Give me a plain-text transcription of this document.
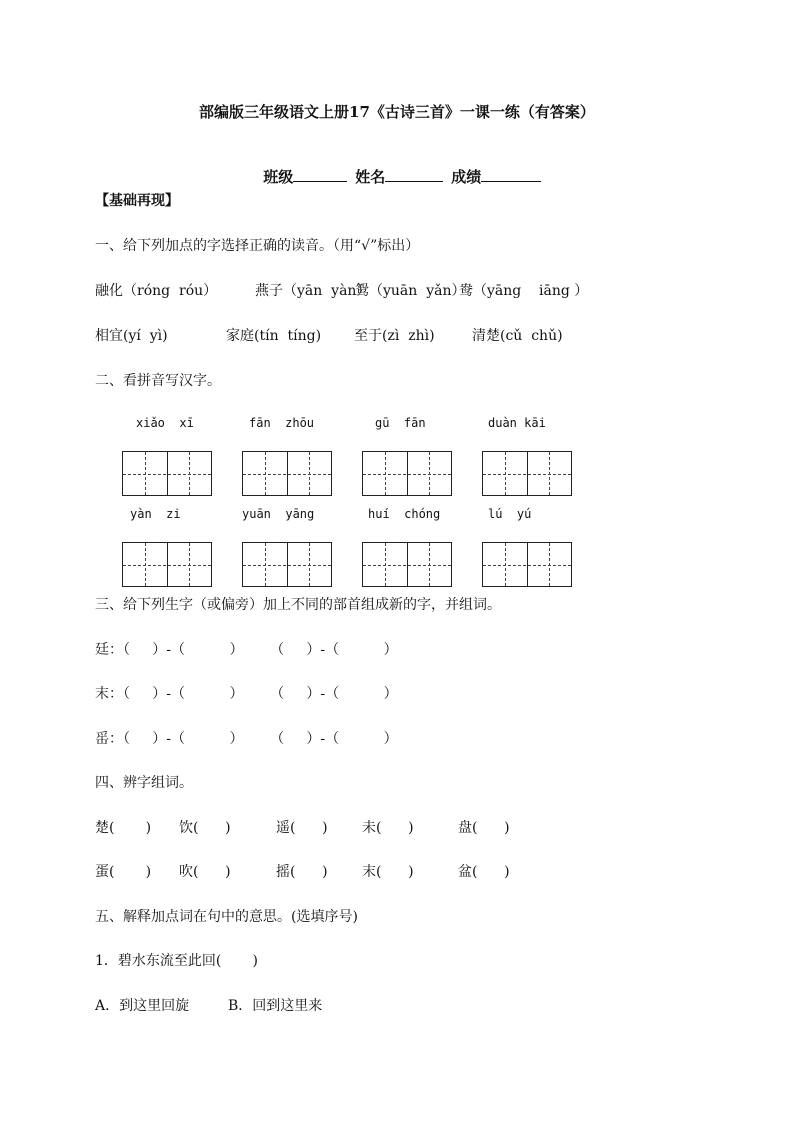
部编版三年级语文上册17《古诗三首》一课一练（有答案）

班级	姓名	成绩

【基础再现】
一、给下列加点的字选择正确的读音。（用“√”标出）
融化（róng  róu）	燕子（yān  yàn）
鸳（yuān  yǎn）
鸯（yāng    iāng ）
相宜(yí  yì)	家庭(tín  tíng) 至于(zì  zhì)	清楚(cǔ  chǔ)
二、看拼音写汉字。
xiǎo  xī	fān  zhōu	gū  fān	duàn kāi
yàn  zi	yuān  yāng	huí  chóng	lú  yú
三、给下列生字（或偏旁）加上不同的部首组成新的字，并组词。
廷：（     ）-（          ）      （     ）-（          ）
末：（     ）-（          ）      （     ）-（          ）
䍃：（     ）-（          ）      （     ）-（          ）
四、辨字组词。
楚(       ) 饮(      )	遥(      ) 未(      )	盘(      )
蛋(       ) 吹(      )	摇(      ) 末(      )	盆(      )
五、解释加点词在句中的意思。(选填序号)
1．碧水东流至此回(       )
A．到这里回旋	B．回到这里来
